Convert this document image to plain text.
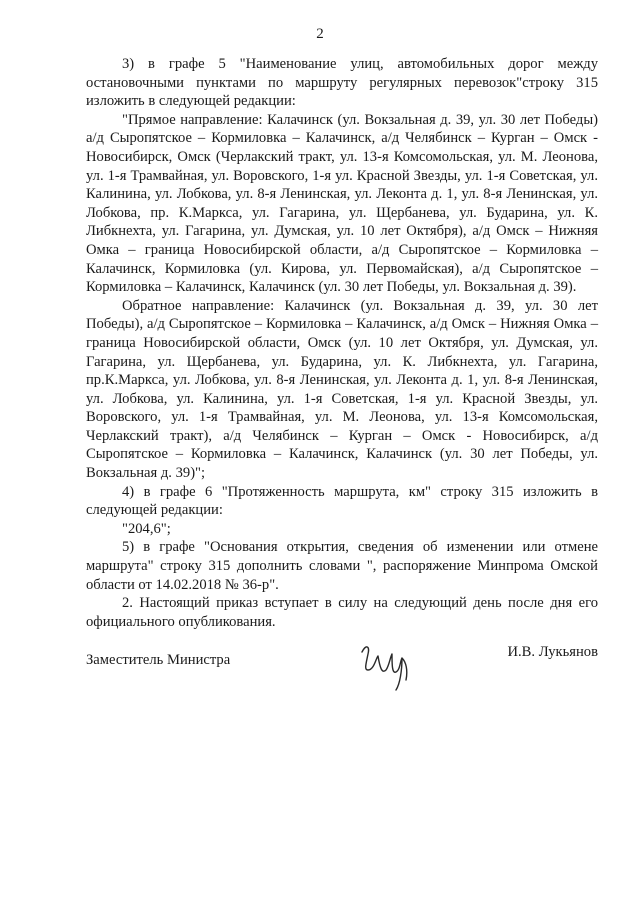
2

3) в графе 5 "Наименование улиц, автомобильных дорог между остановочными пунктами по маршруту регулярных перевозок"строку 315 изложить в следующей редакции:

"Прямое направление: Калачинск (ул. Вокзальная д. 39, ул. 30 лет Победы) а/д Сыропятское – Кормиловка – Калачинск, а/д Челябинск – Курган – Омск - Новосибирск, Омск (Черлакский тракт, ул. 13-я Комсомольская, ул. М. Леонова, ул. 1-я Трамвайная, ул. Воровского, 1-я ул. Красной Звезды, ул. 1-я Советская, ул. Калинина, ул. Лобкова, ул. 8-я Ленинская, ул. Леконта д. 1, ул. 8-я Ленинская, ул. Лобкова, пр. К.Маркса, ул. Гагарина, ул. Щербанева, ул. Бударина, ул. К. Либкнехта, ул. Гагарина, ул. Думская, ул. 10 лет Октября), а/д Омск – Нижняя Омка – граница Новосибирской области, а/д Сыропятское – Кормиловка – Калачинск, Кормиловка (ул. Кирова, ул. Первомайская), а/д Сыропятское – Кормиловка – Калачинск, Калачинск (ул. 30 лет Победы, ул. Вокзальная д. 39).

Обратное направление: Калачинск (ул. Вокзальная д. 39, ул. 30 лет Победы), а/д Сыропятское – Кормиловка – Калачинск, а/д Омск – Нижняя Омка – граница Новосибирской области, Омск (ул. 10 лет Октября, ул. Думская, ул. Гагарина, ул. Щербанева, ул. Бударина, ул. К. Либкнехта, ул. Гагарина, пр.К.Маркса, ул. Лобкова, ул. 8-я Ленинская, ул. Леконта д. 1, ул. 8-я Ленинская, ул. Лобкова, ул. Калинина, ул. 1-я Советская, 1-я ул. Красной Звезды, ул. Воровского, ул. 1-я Трамвайная, ул. М. Леонова, ул. 13-я Комсомольская, Черлакский тракт), а/д Челябинск – Курган – Омск - Новосибирск, а/д Сыропятское – Кормиловка – Калачинск, Калачинск (ул. 30 лет Победы, ул. Вокзальная д. 39)";

4) в графе 6 "Протяженность маршрута, км" строку 315 изложить в следующей редакции:

"204,6";

5) в графе "Основания открытия, сведения об изменении или отмене маршрута" строку 315 дополнить словами ", распоряжение Минпрома Омской области от 14.02.2018 № 36-р".

2. Настоящий приказ вступает в силу на следующий день после дня его официального опубликования.

Заместитель Министра	И.В. Лукьянов
